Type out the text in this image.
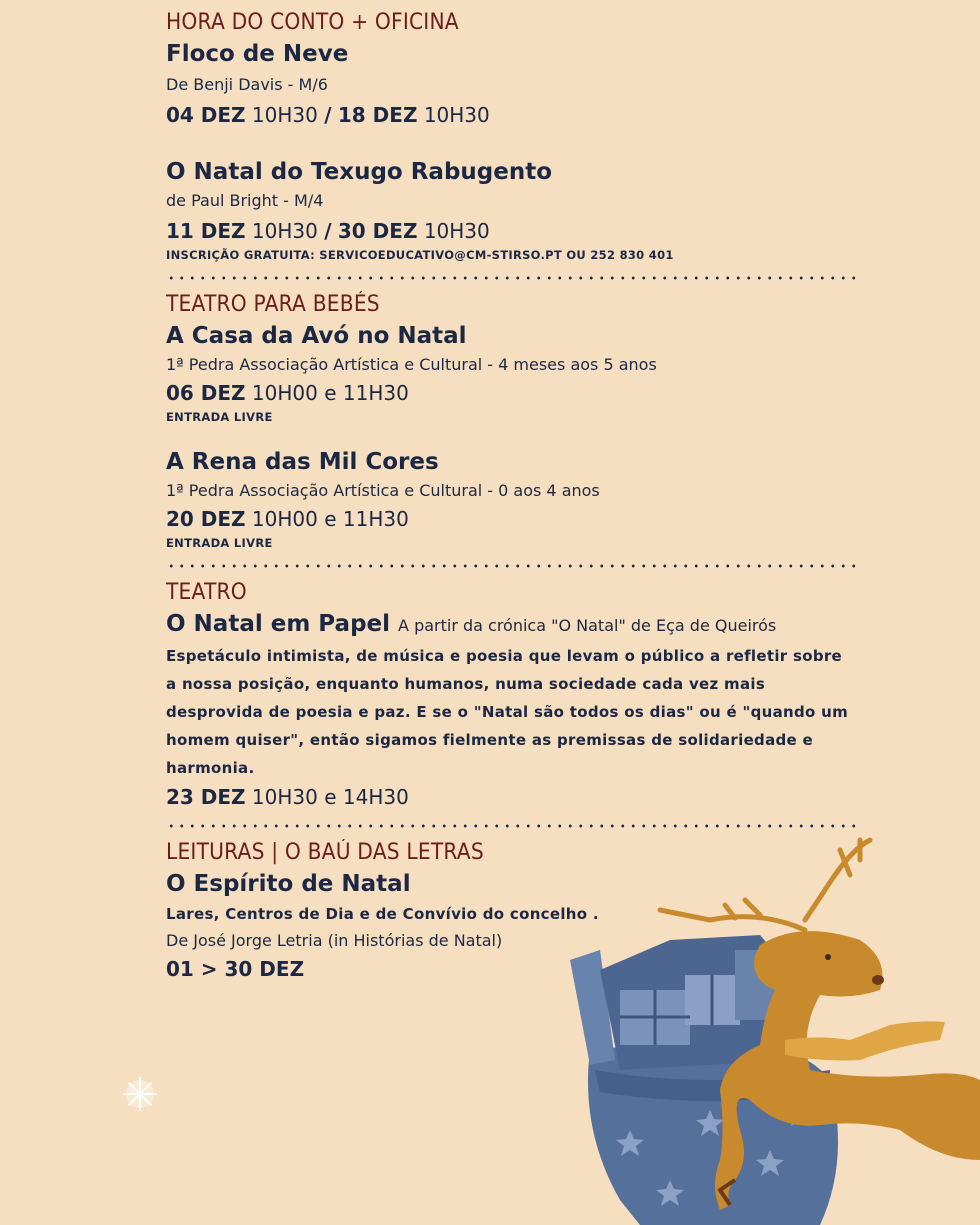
HORA DO CONTO + OFICINA
Floco de Neve
De Benji Davis - M/6
04 DEZ 10H30 / 18 DEZ 10H30
O Natal do Texugo Rabugento
de Paul Bright - M/4
11 DEZ 10H30 / 30 DEZ 10H30
INSCRIÇÃO GRATUITA: SERVICOEDUCATIVO@CM-STIRSO.PT OU 252 830 401
TEATRO PARA BEBÉS
A Casa da Avó no Natal
1ª Pedra Associação Artística e Cultural - 4 meses aos 5 anos
06 DEZ 10H00 e 11H30
ENTRADA LIVRE
A Rena das Mil Cores
1ª Pedra Associação Artística e Cultural - 0 aos 4 anos
20 DEZ 10H00 e 11H30
ENTRADA LIVRE
TEATRO
O Natal em Papel A partir da crónica "O Natal" de Eça de Queirós
Espetáculo intimista, de música e poesia que levam o público a refletir sobre a nossa posição, enquanto humanos, numa sociedade cada vez mais desprovida de poesia e paz. E se o "Natal são todos os dias" ou é "quando um homem quiser", então sigamos fielmente as premissas de solidariedade e harmonia.
23 DEZ 10H30 e 14H30
LEITURAS | O BAÚ DAS LETRAS
O Espírito de Natal
Lares, Centros de Dia e de Convívio do concelho .
De José Jorge Letria (in Histórias de Natal)
01 > 30 DEZ
